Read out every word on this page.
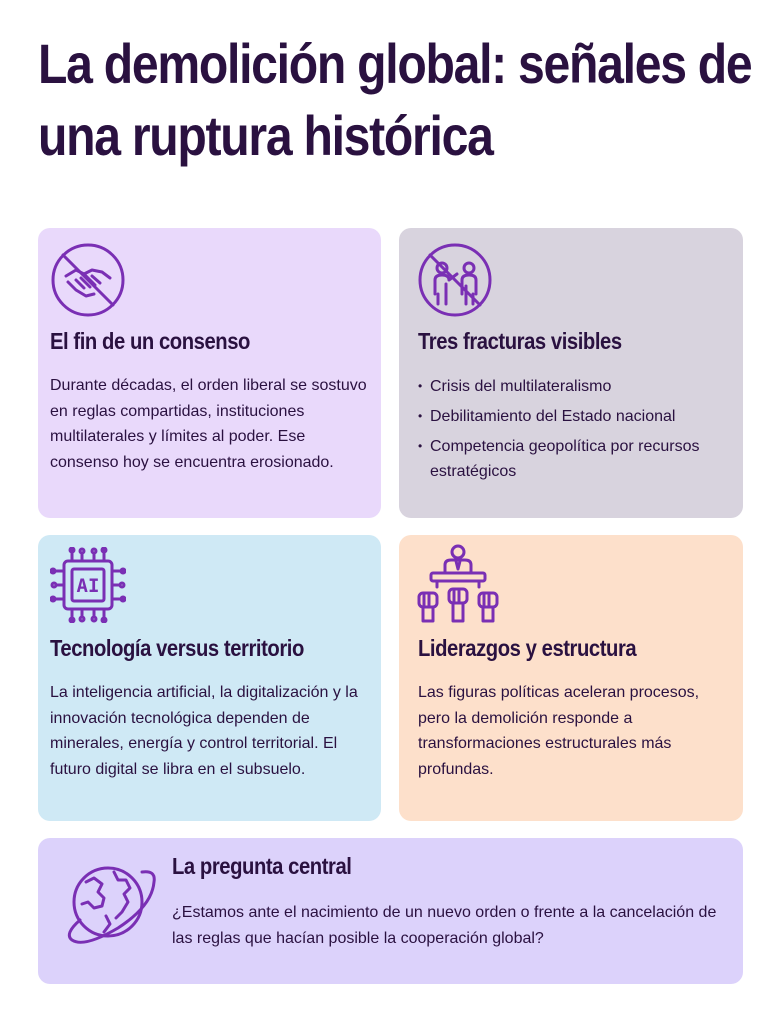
La demolición global: señales de una ruptura histórica
El fin de un consenso

Durante décadas, el orden liberal se sostuvo en reglas compartidas, instituciones multilaterales y límites al poder. Ese consenso hoy se encuentra erosionado.

Tres fracturas visibles
• Crisis del multilateralismo
• Debilitamiento del Estado nacional
• Competencia geopolítica por recursos estratégicos
AI
Tecnología versus territorio

La inteligencia artificial, la digitalización y la innovación tecnológica dependen de minerales, energía y control territorial. El futuro digital se libra en el subsuelo.

Liderazgos y estructura

Las figuras políticas aceleran procesos, pero la demolición responde a transformaciones estructurales más profundas.

La pregunta central

¿Estamos ante el nacimiento de un nuevo orden o frente a la cancelación de las reglas que hacían posible la cooperación global?
